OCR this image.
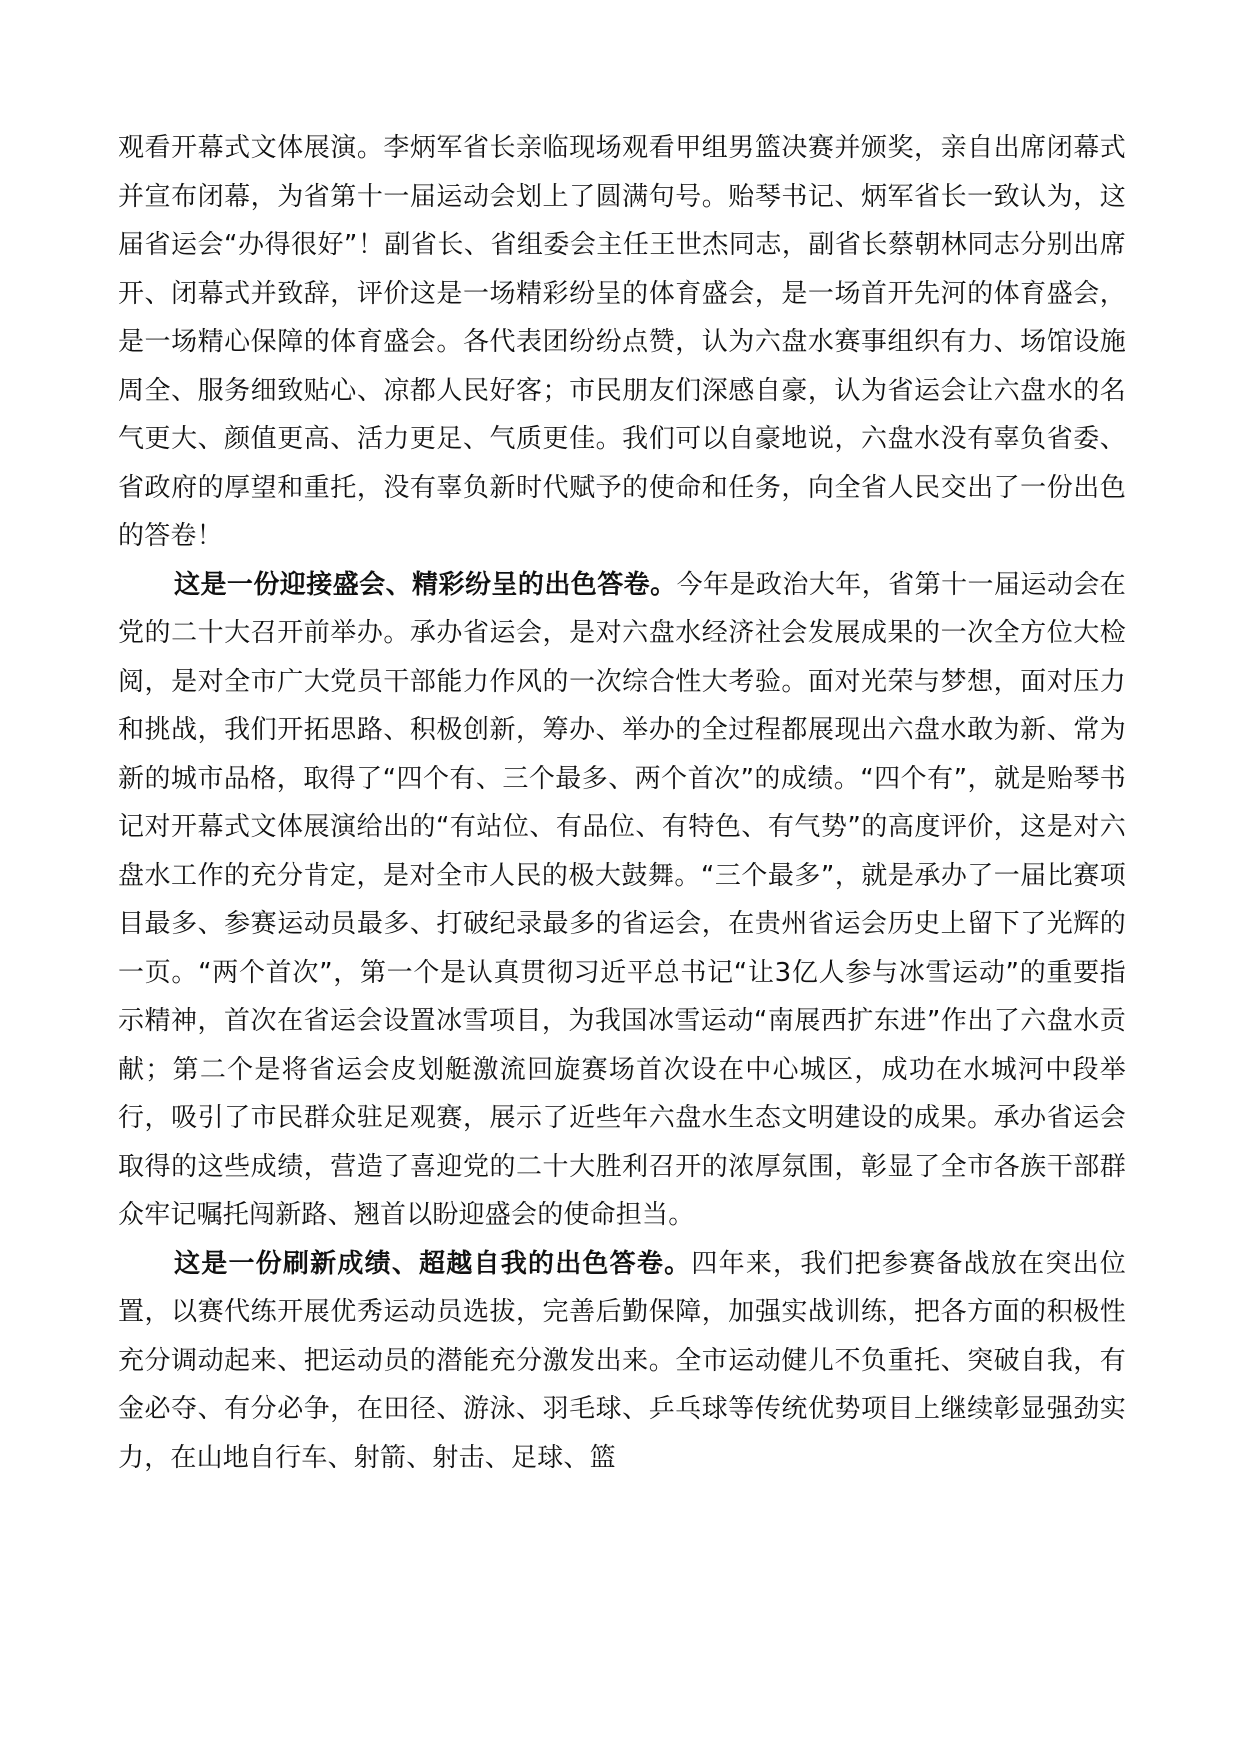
观看开幕式文体展演。李炳军省长亲临现场观看甲组男篮决赛并颁奖，亲自出席闭幕式并宣布闭幕，为省第十一届运动会划上了圆满句号。贻琴书记、炳军省长一致认为，这届省运会“办得很好”！副省长、省组委会主任王世杰同志，副省长蔡朝林同志分别出席开、闭幕式并致辞，评价这是一场精彩纷呈的体育盛会，是一场首开先河的体育盛会，是一场精心保障的体育盛会。各代表团纷纷点赞，认为六盘水赛事组织有力、场馆设施周全、服务细致贴心、凉都人民好客；市民朋友们深感自豪，认为省运会让六盘水的名气更大、颜值更高、活力更足、气质更佳。我们可以自豪地说，六盘水没有辜负省委、省政府的厚望和重托，没有辜负新时代赋予的使命和任务，向全省人民交出了一份出色的答卷！

这是一份迎接盛会、精彩纷呈的出色答卷。今年是政治大年，省第十一届运动会在党的二十大召开前举办。承办省运会，是对六盘水经济社会发展成果的一次全方位大检阅，是对全市广大党员干部能力作风的一次综合性大考验。面对光荣与梦想，面对压力和挑战，我们开拓思路、积极创新，筹办、举办的全过程都展现出六盘水敢为新、常为新的城市品格，取得了“四个有、三个最多、两个首次”的成绩。“四个有”，就是贻琴书记对开幕式文体展演给出的“有站位、有品位、有特色、有气势”的高度评价，这是对六盘水工作的充分肯定，是对全市人民的极大鼓舞。“三个最多”，就是承办了一届比赛项目最多、参赛运动员最多、打破纪录最多的省运会，在贵州省运会历史上留下了光辉的一页。“两个首次”，第一个是认真贯彻习近平总书记“让3亿人参与冰雪运动”的重要指示精神，首次在省运会设置冰雪项目，为我国冰雪运动“南展西扩东进”作出了六盘水贡献；第二个是将省运会皮划艇激流回旋赛场首次设在中心城区，成功在水城河中段举行，吸引了市民群众驻足观赛，展示了近些年六盘水生态文明建设的成果。承办省运会取得的这些成绩，营造了喜迎党的二十大胜利召开的浓厚氛围，彰显了全市各族干部群众牢记嘱托闯新路、翘首以盼迎盛会的使命担当。

这是一份刷新成绩、超越自我的出色答卷。四年来，我们把参赛备战放在突出位置，以赛代练开展优秀运动员选拔，完善后勤保障，加强实战训练，把各方面的积极性充分调动起来、把运动员的潜能充分激发出来。全市运动健儿不负重托、突破自我，有金必夺、有分必争，在田径、游泳、羽毛球、乒乓球等传统优势项目上继续彰显强劲实力，在山地自行车、射箭、射击、足球、篮
